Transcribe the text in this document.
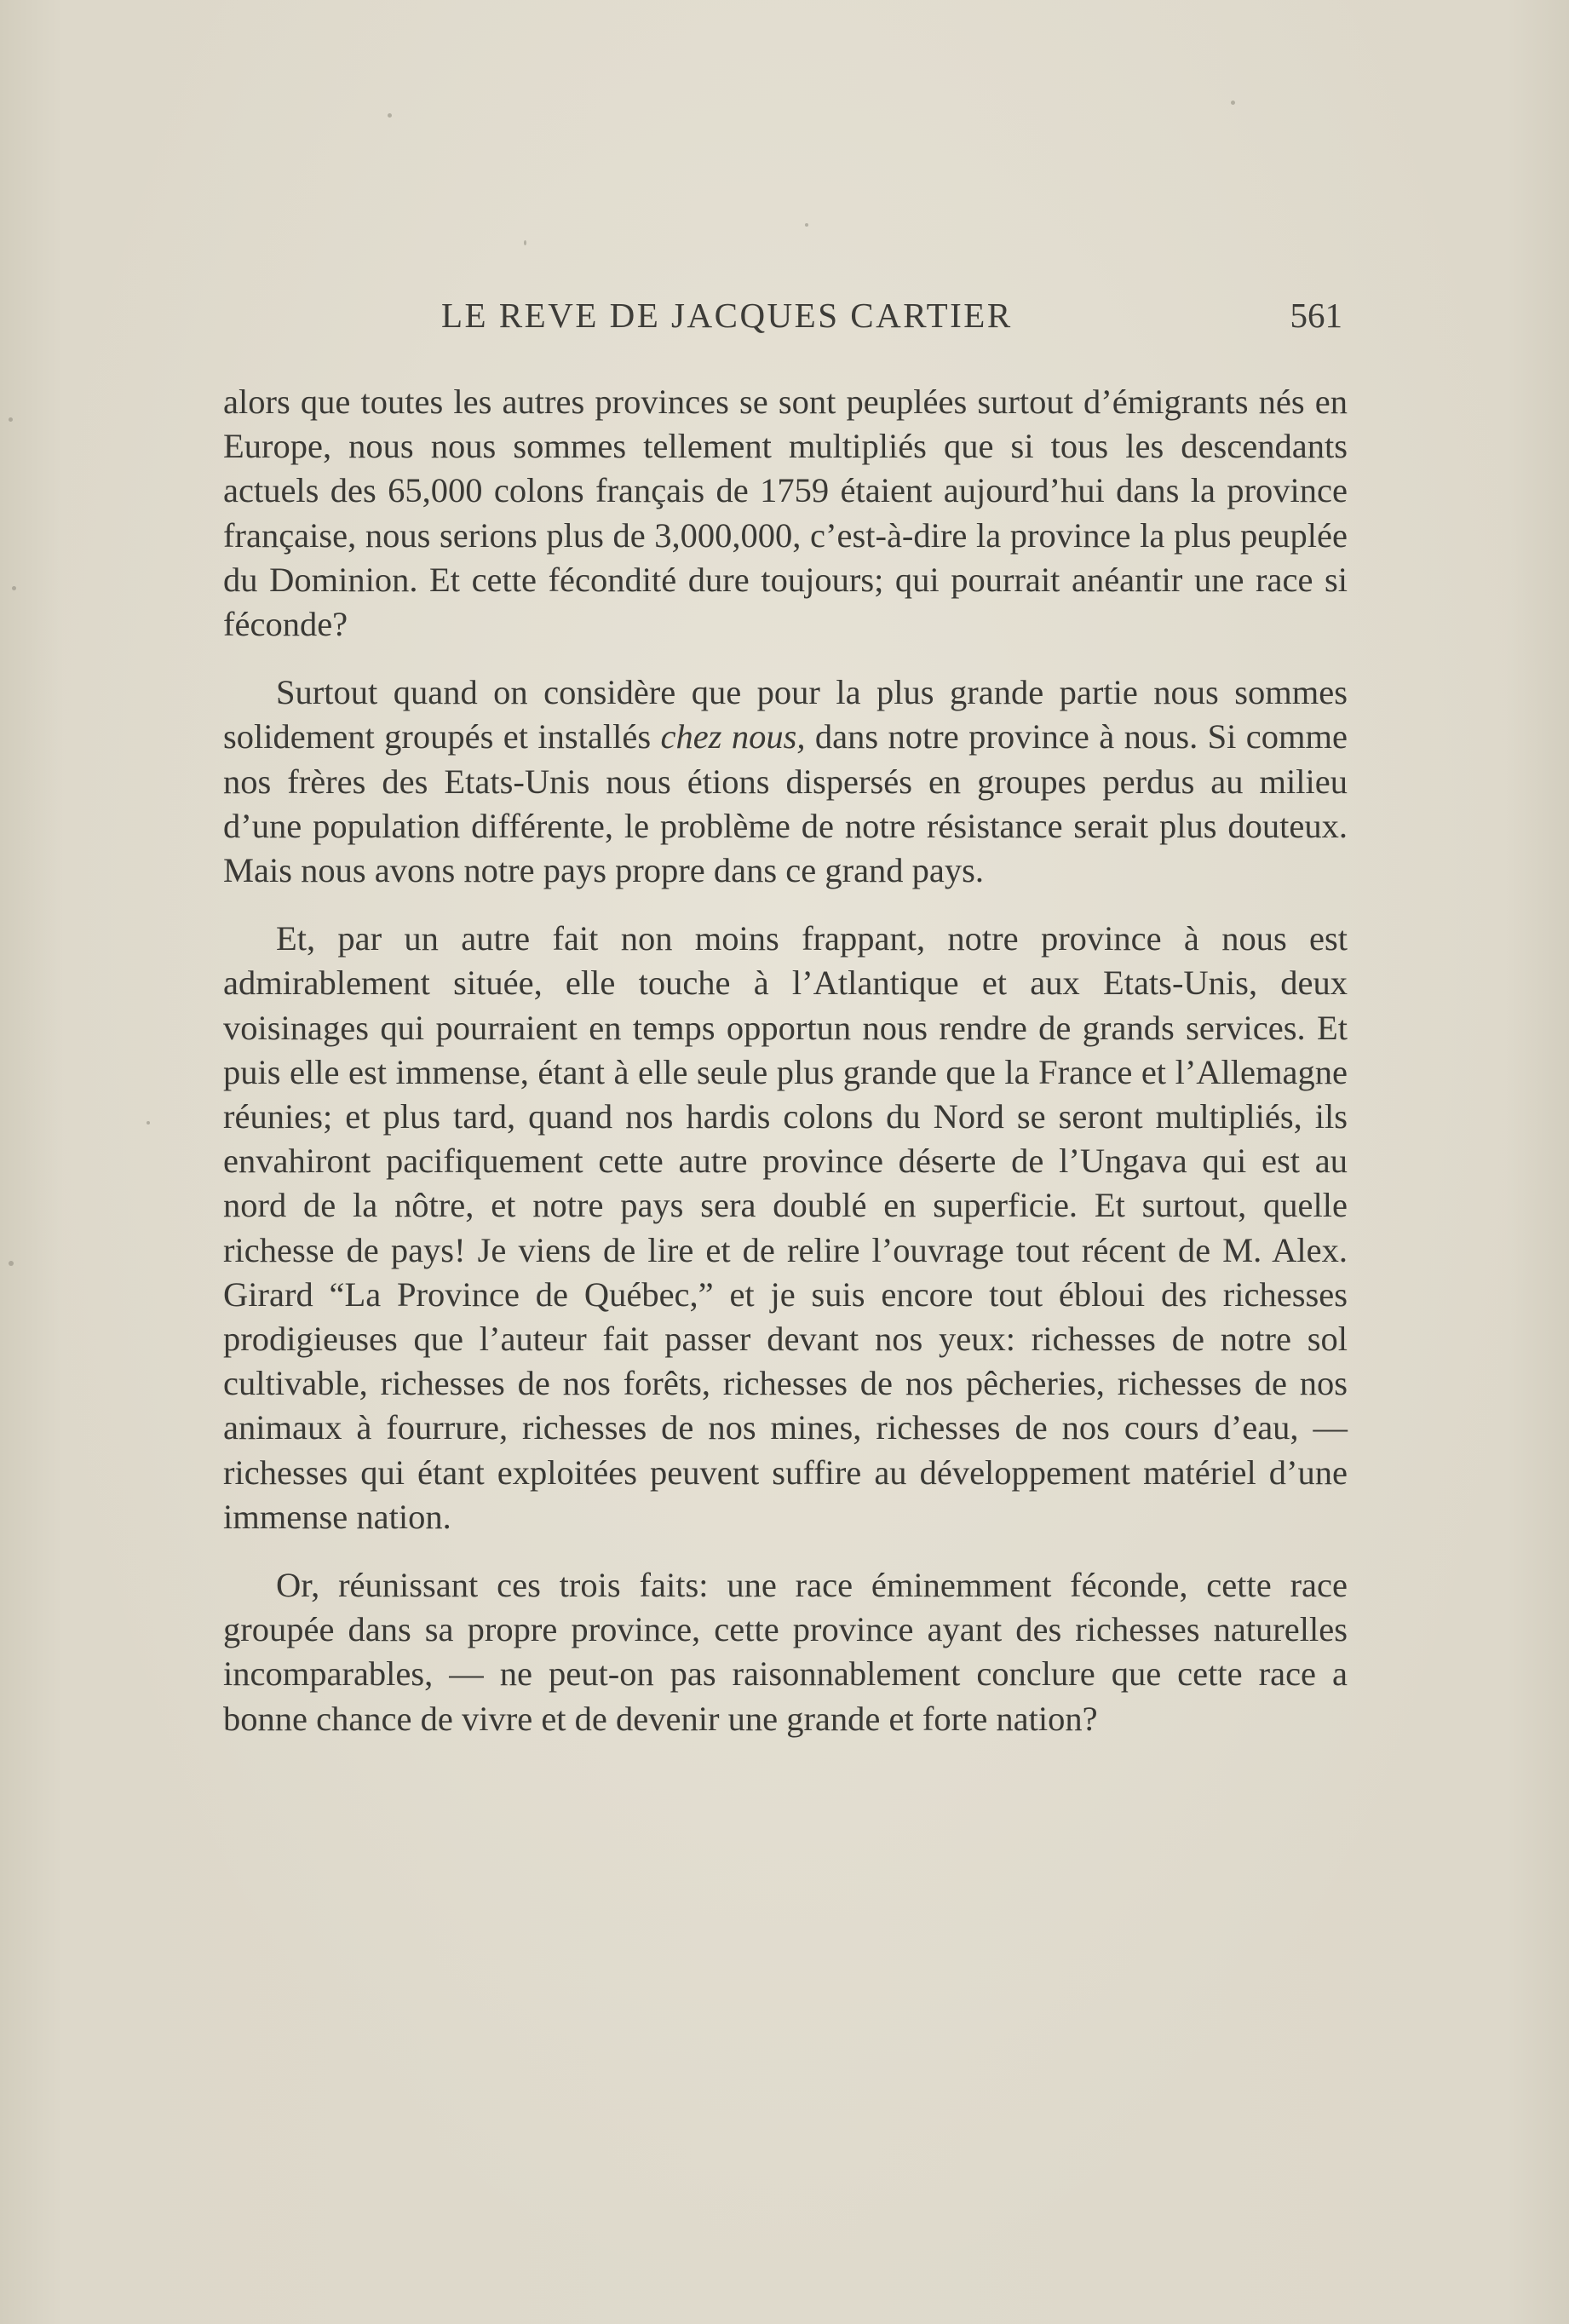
LE REVE DE JACQUES CARTIER	561

alors que toutes les autres provinces se sont peuplées surtout d’émigrants nés en Europe, nous nous sommes tellement multipliés que si tous les descendants actuels des 65,000 colons français de 1759 étaient aujourd’hui dans la province française, nous serions plus de 3,000,000, c’est-à-dire la province la plus peuplée du Dominion. Et cette fécondité dure toujours; qui pourrait anéantir une race si féconde?

Surtout quand on considère que pour la plus grande partie nous sommes solidement groupés et installés chez nous, dans notre province à nous. Si comme nos frères des Etats-Unis nous étions dispersés en groupes perdus au milieu d’une population différente, le problème de notre résistance serait plus douteux. Mais nous avons notre pays propre dans ce grand pays.

Et, par un autre fait non moins frappant, notre province à nous est admirablement située, elle touche à l’Atlantique et aux Etats-Unis, deux voisinages qui pourraient en temps opportun nous rendre de grands services. Et puis elle est immense, étant à elle seule plus grande que la France et l’Allemagne réunies; et plus tard, quand nos hardis colons du Nord se seront multipliés, ils envahiront pacifiquement cette autre province déserte de l’Ungava qui est au nord de la nôtre, et notre pays sera doublé en superficie. Et surtout, quelle richesse de pays! Je viens de lire et de relire l’ouvrage tout récent de M. Alex. Girard “La Province de Québec,” et je suis encore tout ébloui des richesses prodigieuses que l’auteur fait passer devant nos yeux: richesses de notre sol cultivable, richesses de nos forêts, richesses de nos pêcheries, richesses de nos animaux à fourrure, richesses de nos mines, richesses de nos cours d’eau, — richesses qui étant exploitées peuvent suffire au développement matériel d’une immense nation.

Or, réunissant ces trois faits: une race éminemment féconde, cette race groupée dans sa propre province, cette province ayant des richesses naturelles incomparables, — ne peut-on pas raisonnablement conclure que cette race a bonne chance de vivre et de devenir une grande et forte nation?
